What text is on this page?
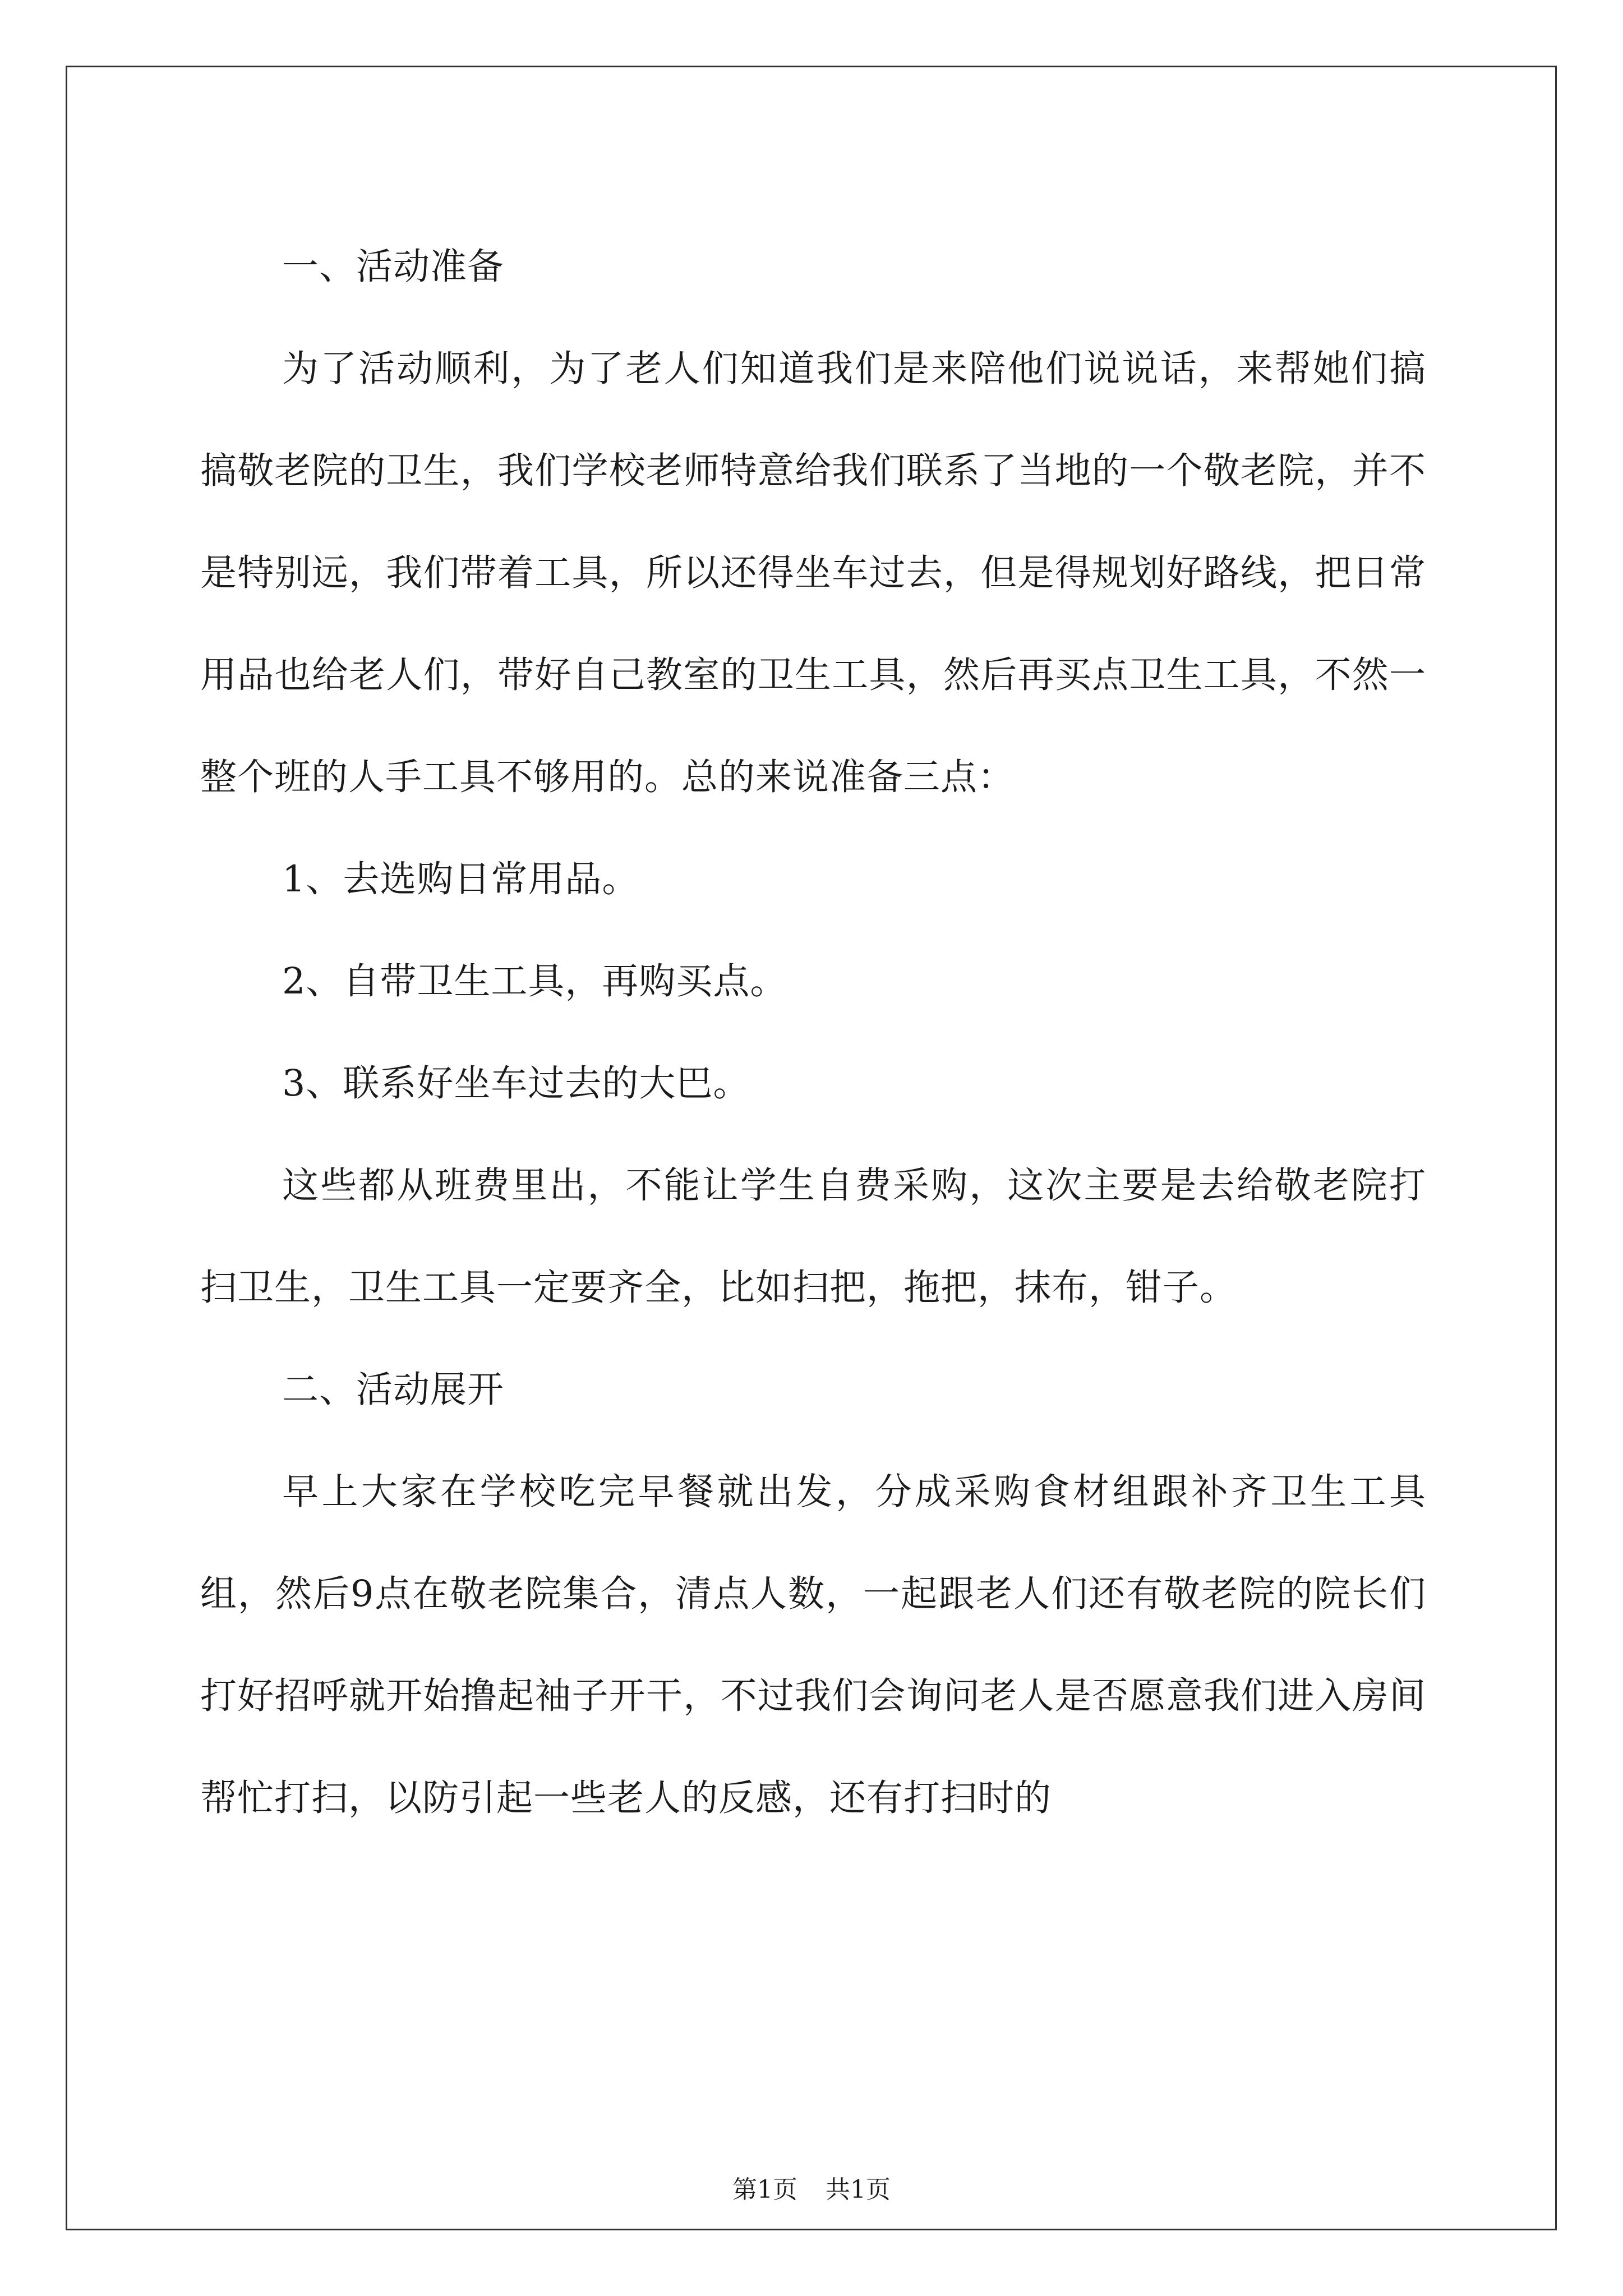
一、活动准备

为了活动顺利，为了老人们知道我们是来陪他们说说话，来帮她们搞搞敬老院的卫生，我们学校老师特意给我们联系了当地的一个敬老院，并不是特别远，我们带着工具，所以还得坐车过去，但是得规划好路线，把日常用品也给老人们，带好自己教室的卫生工具，然后再买点卫生工具，不然一整个班的人手工具不够用的。总的来说准备三点：

1、去选购日常用品。

2、自带卫生工具，再购买点。

3、联系好坐车过去的大巴。

这些都从班费里出，不能让学生自费采购，这次主要是去给敬老院打扫卫生，卫生工具一定要齐全，比如扫把，拖把，抹布，钳子。

二、活动展开

早上大家在学校吃完早餐就出发，分成采购食材组跟补齐卫生工具组，然后9点在敬老院集合，清点人数，一起跟老人们还有敬老院的院长们打好招呼就开始撸起袖子开干，不过我们会询问老人是否愿意我们进入房间帮忙打扫，以防引起一些老人的反感，还有打扫时的

第1页 共1页
